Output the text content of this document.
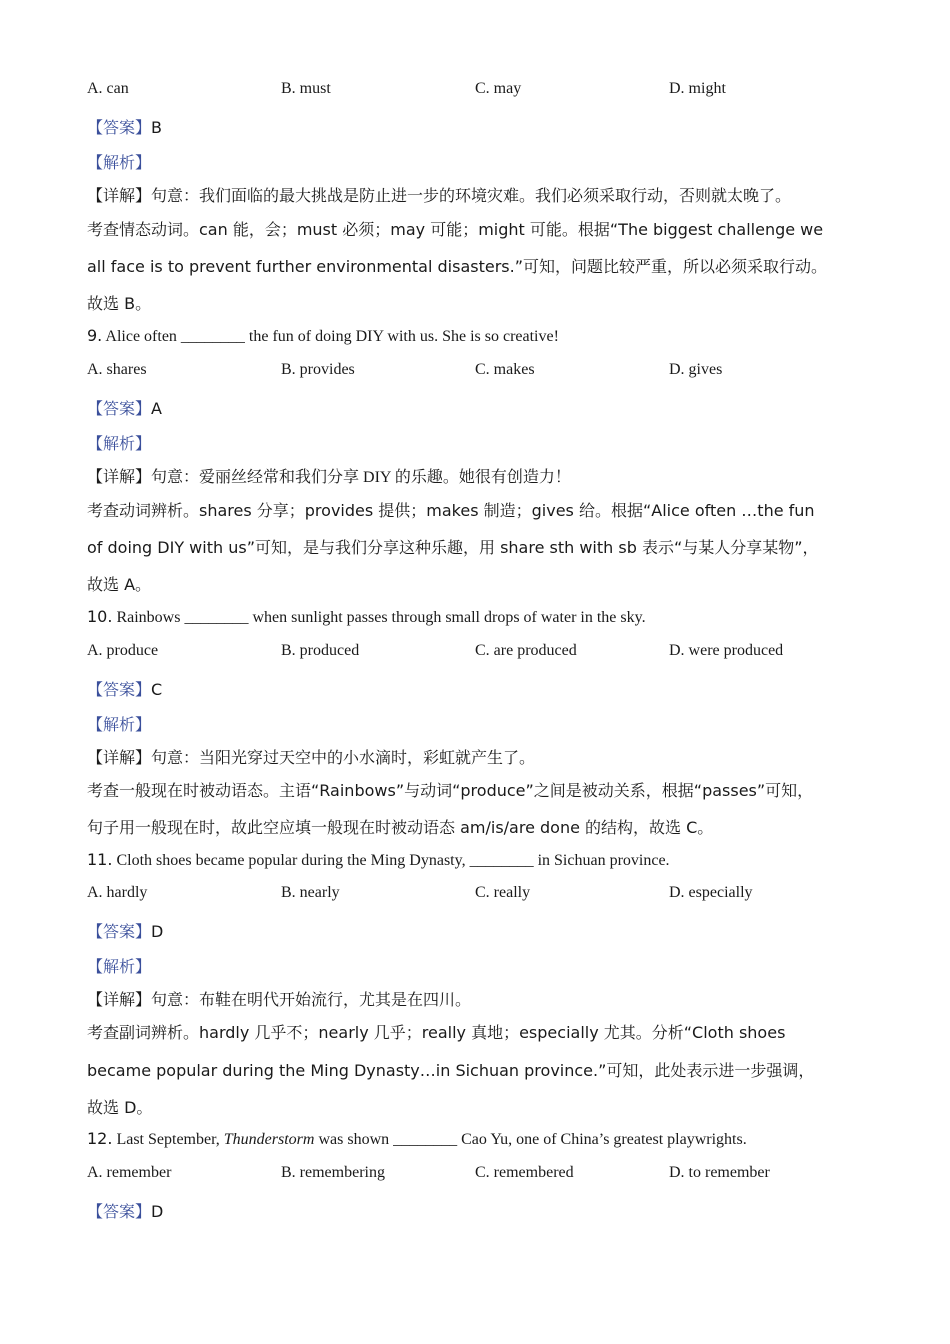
A. can	B. must	C. may	D. might
【答案】B
【解析】
【详解】句意：我们面临的最大挑战是防止进一步的环境灾难。我们必须采取行动，否则就太晚了。
考查情态动词。can 能，会；must 必须；may 可能；might 可能。根据“The biggest challenge we
all face is to prevent further environmental disasters.”可知，问题比较严重，所以必须采取行动。
故选 B。
9. Alice often ________ the fun of doing DIY with us. She is so creative!
A. shares	B. provides	C. makes	D. gives
【答案】A
【解析】
【详解】句意：爱丽丝经常和我们分享 DIY 的乐趣。她很有创造力！
考查动词辨析。shares 分享；provides 提供；makes 制造；gives 给。根据“Alice often …the fun
of doing DIY with us”可知，是与我们分享这种乐趣，用 share sth with sb 表示“与某人分享某物”，
故选 A。
10. Rainbows ________ when sunlight passes through small drops of water in the sky.
A. produce	B. produced	C. are produced	D. were produced
【答案】C
【解析】
【详解】句意：当阳光穿过天空中的小水滴时，彩虹就产生了。
考查一般现在时被动语态。主语“Rainbows”与动词“produce”之间是被动关系，根据“passes”可知，
句子用一般现在时，故此空应填一般现在时被动语态 am/is/are done 的结构，故选 C。
11. Cloth shoes became popular during the Ming Dynasty, ________ in Sichuan province.
A. hardly	B. nearly	C. really	D. especially
【答案】D
【解析】
【详解】句意：布鞋在明代开始流行，尤其是在四川。
考查副词辨析。hardly 几乎不；nearly 几乎；really 真地；especially 尤其。分析“Cloth shoes
became popular during the Ming Dynasty…in Sichuan province.”可知，此处表示进一步强调，
故选 D。
12. Last September, Thunderstorm was shown ________ Cao Yu, one of China’s greatest playwrights.
A. remember	B. remembering	C. remembered	D. to remember
【答案】D
